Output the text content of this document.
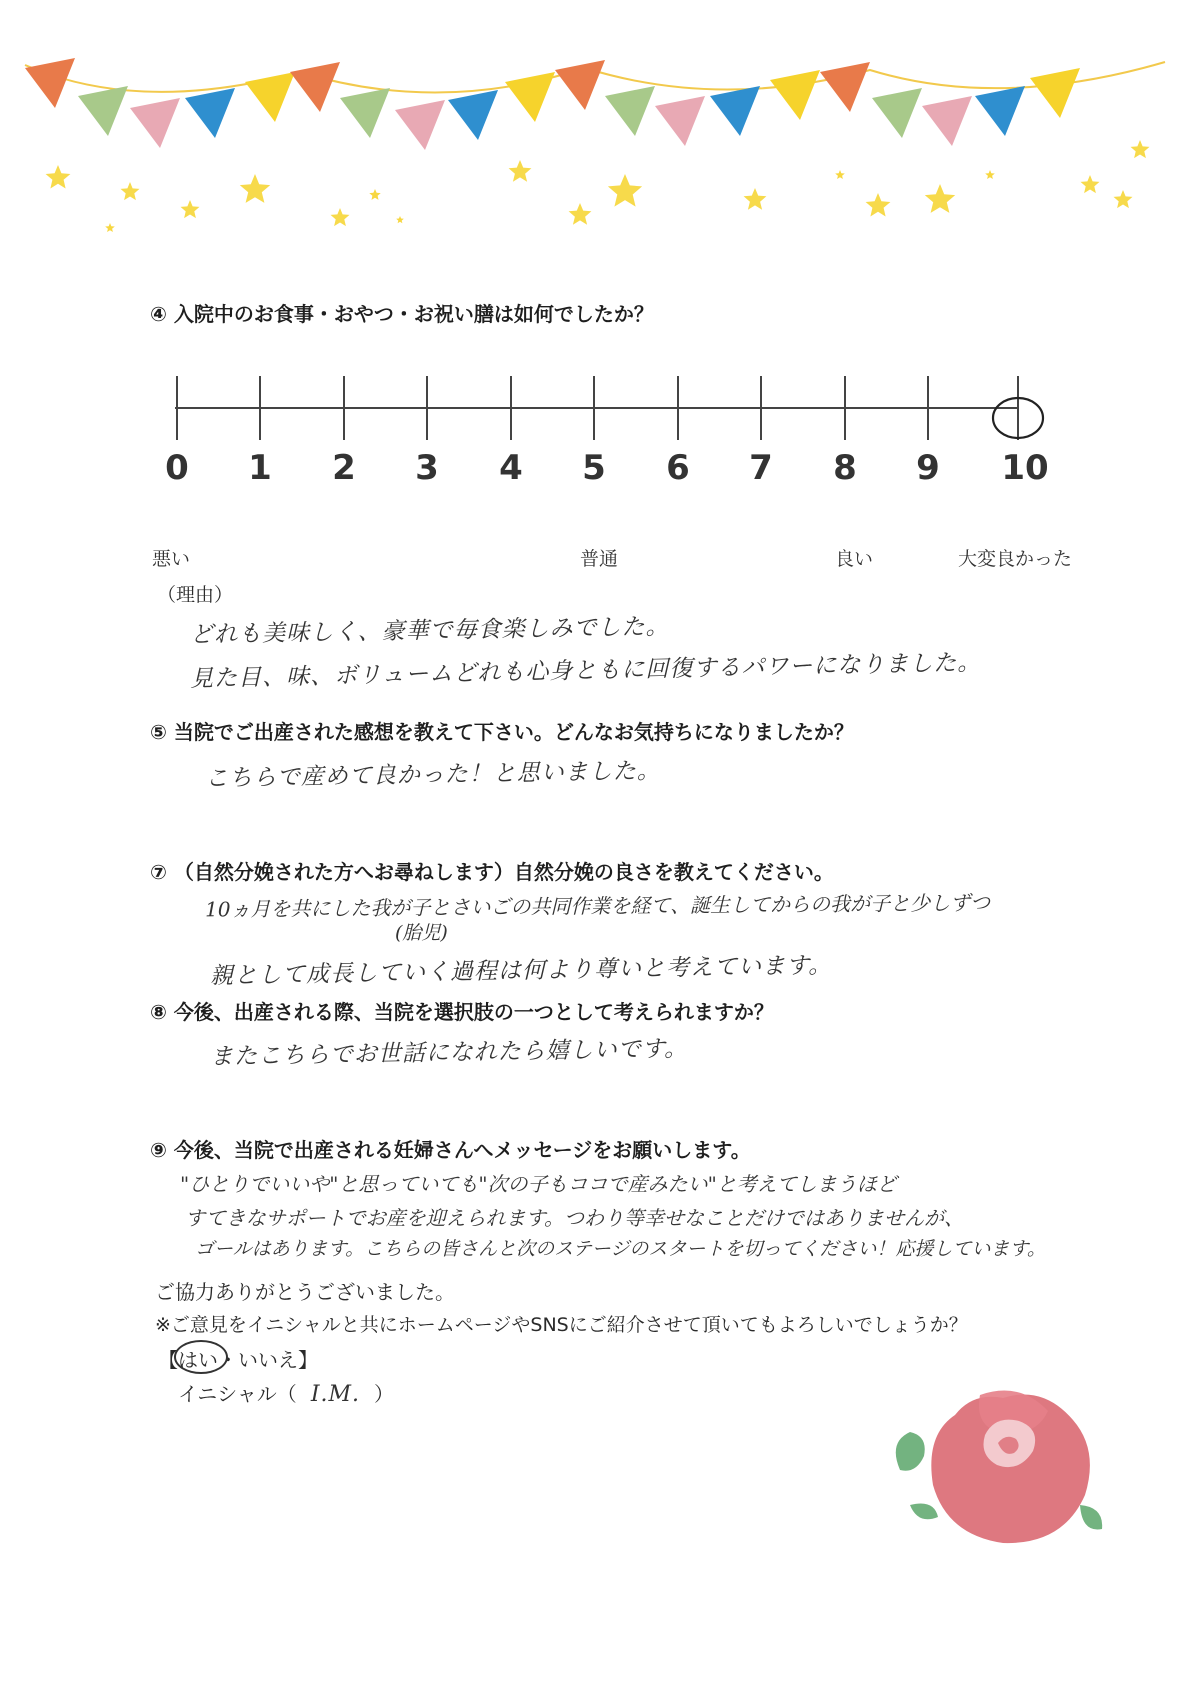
④ 入院中のお食事・おやつ・お祝い膳は如何でしたか？
0	1	2	3	4	5	6	7	8	9	10
悪い	普通	良い	大変良かった
（理由）
どれも美味しく、豪華で毎食楽しみでした。
見た目、味、ボリュームどれも心身ともに回復するパワーになりました。
⑤ 当院でご出産された感想を教えて下さい。どんなお気持ちになりましたか？
こちらで産めて良かった！と思いました。
⑦ （自然分娩された方へお尋ねします）自然分娩の良さを教えてください。
10ヵ月を共にした我が子とさいごの共同作業を経て、誕生してからの我が子と少しずつ
(胎児)
親として成長していく過程は何より尊いと考えています。
⑧ 今後、出産される際、当院を選択肢の一つとして考えられますか？
またこちらでお世話になれたら嬉しいです。
⑨ 今後、当院で出産される妊婦さんへメッセージをお願いします。
"ひとりでいいや"と思っていても"次の子もココで産みたい"と考えてしまうほど
すてきなサポートでお産を迎えられます。つわり等幸せなことだけではありませんが、
ゴールはあります。こちらの皆さんと次のステージのスタートを切ってください！応援しています。
ご協力ありがとうございました。
※ご意見をイニシャルと共にホームページやSNSにご紹介させて頂いてもよろしいでしょうか？
【はい
・いいえ】
イニシャル（ I.M. ）
